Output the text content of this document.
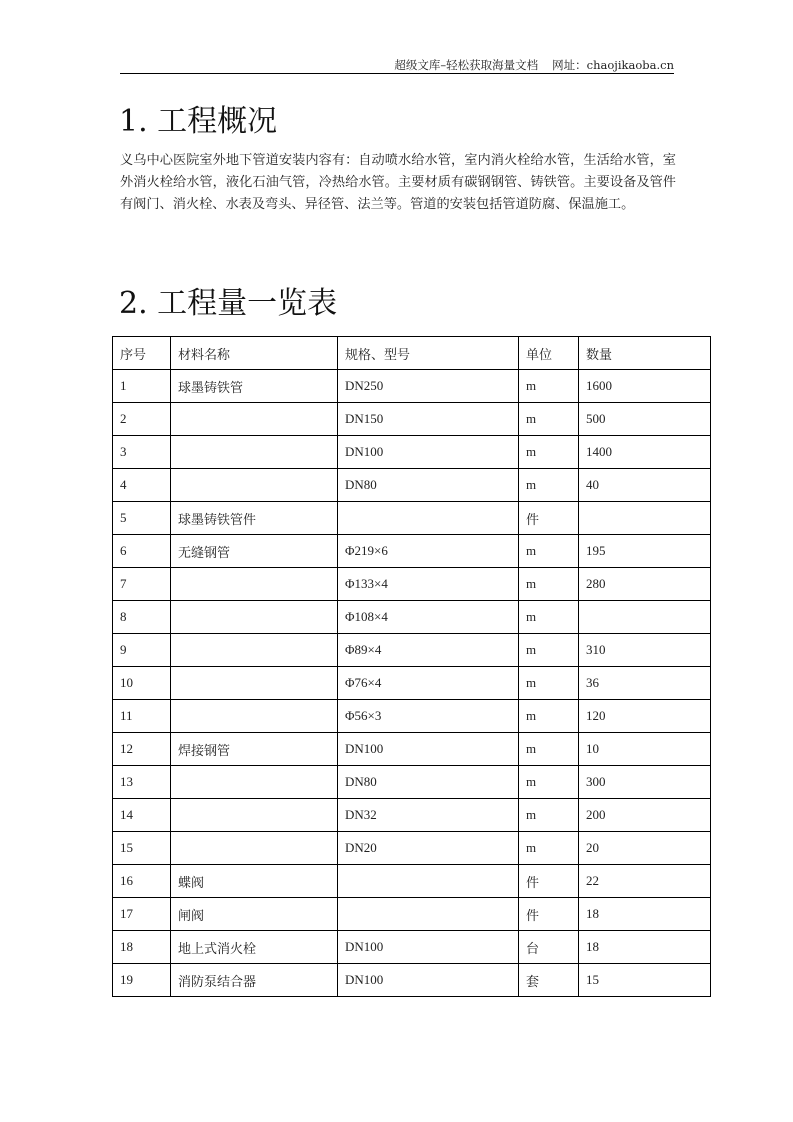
超级文库–轻松获取海量文档 网址：chaojikaoba.cn
1. 工程概况
义乌中心医院室外地下管道安装内容有：自动喷水给水管，室内消火栓给水管，生活给水管，室外消火栓给水管，液化石油气管，冷热给水管。主要材质有碳钢钢管、铸铁管。主要设备及管件有阀门、消火栓、水表及弯头、异径管、法兰等。管道的安装包括管道防腐、保温施工。
2. 工程量一览表
序号	材料名称	规格、型号	单位	数量
1	球墨铸铁管	DN250	m	1600
2		DN150	m	500
3		DN100	m	1400
4		DN80	m	40
5	球墨铸铁管件		件	
6	无缝钢管	Φ219×6	m	195
7		Φ133×4	m	280
8		Φ108×4	m	
9		Φ89×4	m	310
10		Φ76×4	m	36
11		Φ56×3	m	120
12	焊接钢管	DN100	m	10
13		DN80	m	300
14		DN32	m	200
15		DN20	m	20
16	蝶阀		件	22
17	闸阀		件	18
18	地上式消火栓	DN100	台	18
19	消防泵结合器	DN100	套	15
